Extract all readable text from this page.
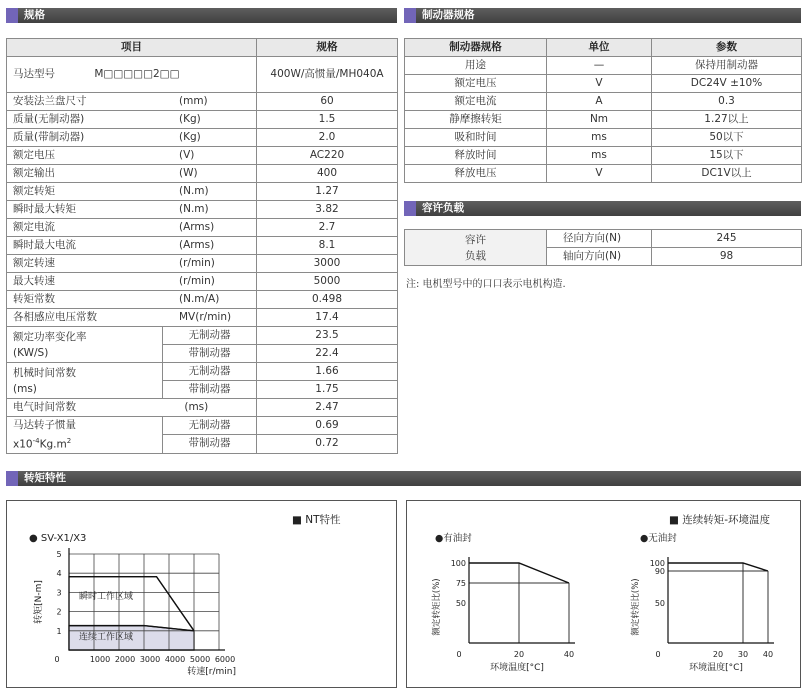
规格	制动器规格
容许负载
转矩特性
项目		规格
马达型号 M□□□□□2□□		400W/高惯量/MH040A
安装法兰盘尺寸 (mm)		60
质量(无制动器) (Kg)		1.5
质量(带制动器) (Kg)		2.0
额定电压 (V)		AC220
额定输出 (W)		400
额定转矩 (N.m)		1.27
瞬时最大转矩 (N.m)		3.82
额定电流 (Arms)		2.7
瞬时最大电流 (Arms)		8.1
额定转速 (r/min)		3000
最大转速 (r/min)		5000
转矩常数 (N.m/A)		0.498
各相感应电压常数 MV(r/min)		17.4

额定功率变化率
(KW/S)	无制动器	23.5
	带制动器	22.4

机械时间常数
(ms)	无制动器	1.66
	带制动器	1.75
电气时间常数 (ms)		2.47

马达转子惯量
$x10^{-4}Kg.m^2$	无制动器	0.69
	带制动器	0.72
制动器规格	单位	参数
用途	—	保持用制动器
额定电压	V	DC24V ±10%
额定电流	A	0.3
静摩擦转矩	Nm	1.27以上
吸和时间	ms	50以下
释放时间	ms	15以下
释放电压	V	DC1V以上
容许
负载	径向方向(N)	245
	轴向方向(N)	98
注: 电机型号中的口口表示电机构造.
■ NT特性
● SV-X1/X3
1
2
3
4
5
0	1000 2000 3000 4000 5000 6000
转速[r/min]
转矩[N-m]	瞬时工作区域
连续工作区域
■ 连续转矩-环境温度
●有油封
50
75
100
0	20	40
环境温度[°C]
额定转矩比(%)
●无油封
50
90
100
0	20 30 40
环境温度[°C]
额定转矩比(%)
